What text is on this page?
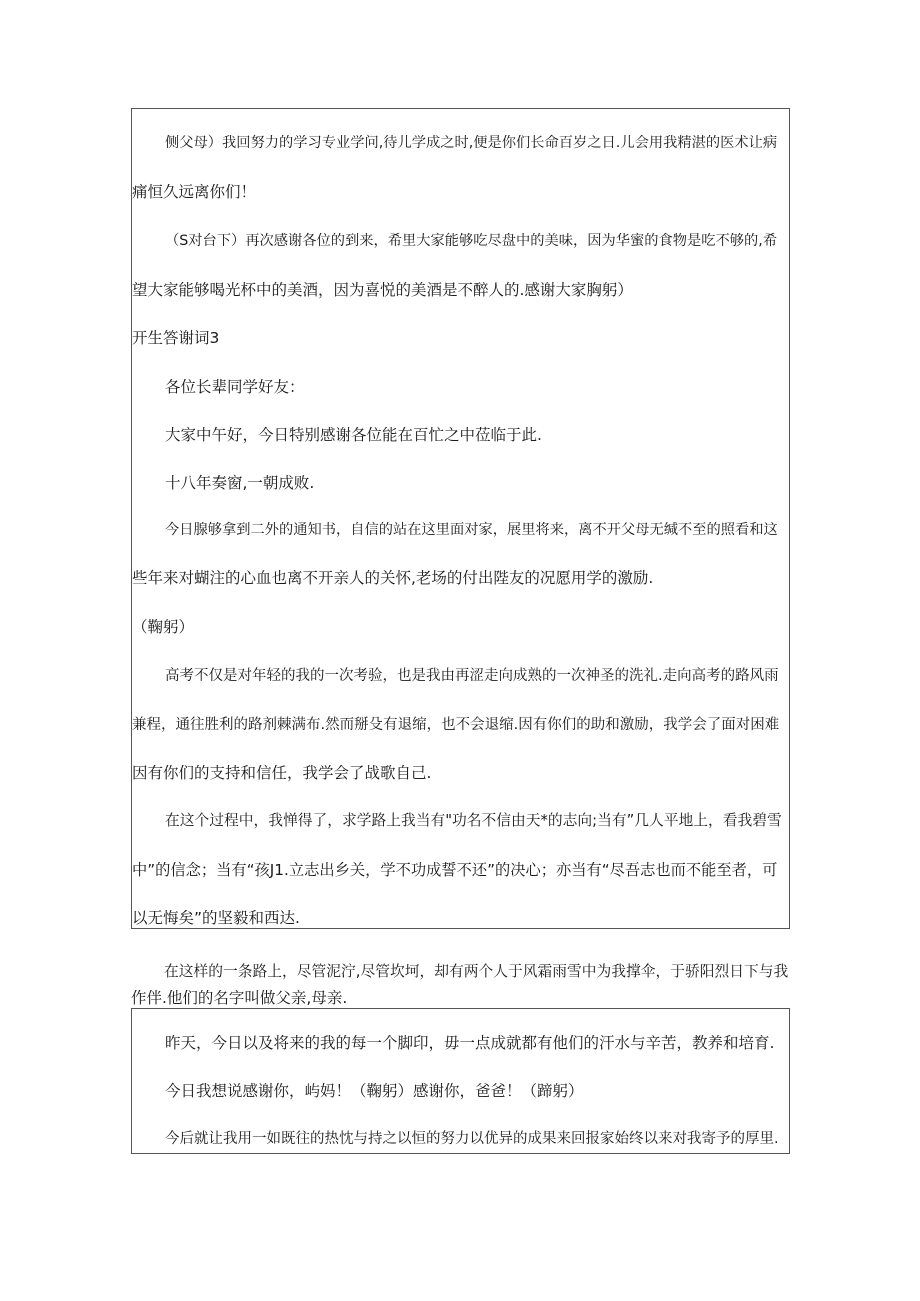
侧父母）我回努力的学习专业学问,待儿学成之时,便是你们长命百岁之日.儿会用我精湛的医术让病
痛恒久远离你们！
（S对台下）再次感谢各位的到来，希里大家能够吃尽盘中的美味，因为华蜜的食物是吃不够的,希
望大家能够喝光杯中的美酒，因为喜悦的美酒是不醉人的.感谢大家胸躬）
开生答谢词3
各位长辈同学好友：
大家中午好，今日特别感谢各位能在百忙之中莅临于此.
十八年奏窗,一朝成败.
今日腺够拿到二外的通知书，自信的站在这里面对家，展里将来，离不开父母无缄不至的照看和这
些年来对蝴注的心血也离不开亲人的关怀,老场的付出陛友的况愿用学的激励.
（鞠躬）
高考不仅是对年轻的我的一次考验，也是我由再涩走向成熟的一次神圣的洗礼.走向高考的路风雨
兼程，通往胜利的路剂棘满布.然而掰殳有退缩，也不会退缩.因有你们的助和激励，我学会了面对困难
因有你们的支持和信任，我学会了战歌自己.
在这个过程中，我惮得了，求学路上我当有"功名不信由天*的志向;当有”几人平地上，看我碧雪
中”的信念；当有“孩J1.立志出乡关，学不功成誓不还”的决心；亦当有“尽吾志也而不能至者，可
以无悔矣”的坚毅和西达.
在这样的一条路上，尽管泥泞,尽管坎坷，却有两个人于风霜雨雪中为我撑伞，于骄阳烈日下与我
作伴.他们的名字叫做父亲,母亲.
昨天，今日以及将来的我的每一个脚印，毋一点成就都有他们的汗水与辛苦，教养和培育.
今日我想说感谢你，屿妈！（鞠躬）感谢你，爸爸！（蹄躬）
今后就让我用一如既往的热忱与持之以恒的努力以优异的成果来回报家始终以来对我寄予的厚里.
